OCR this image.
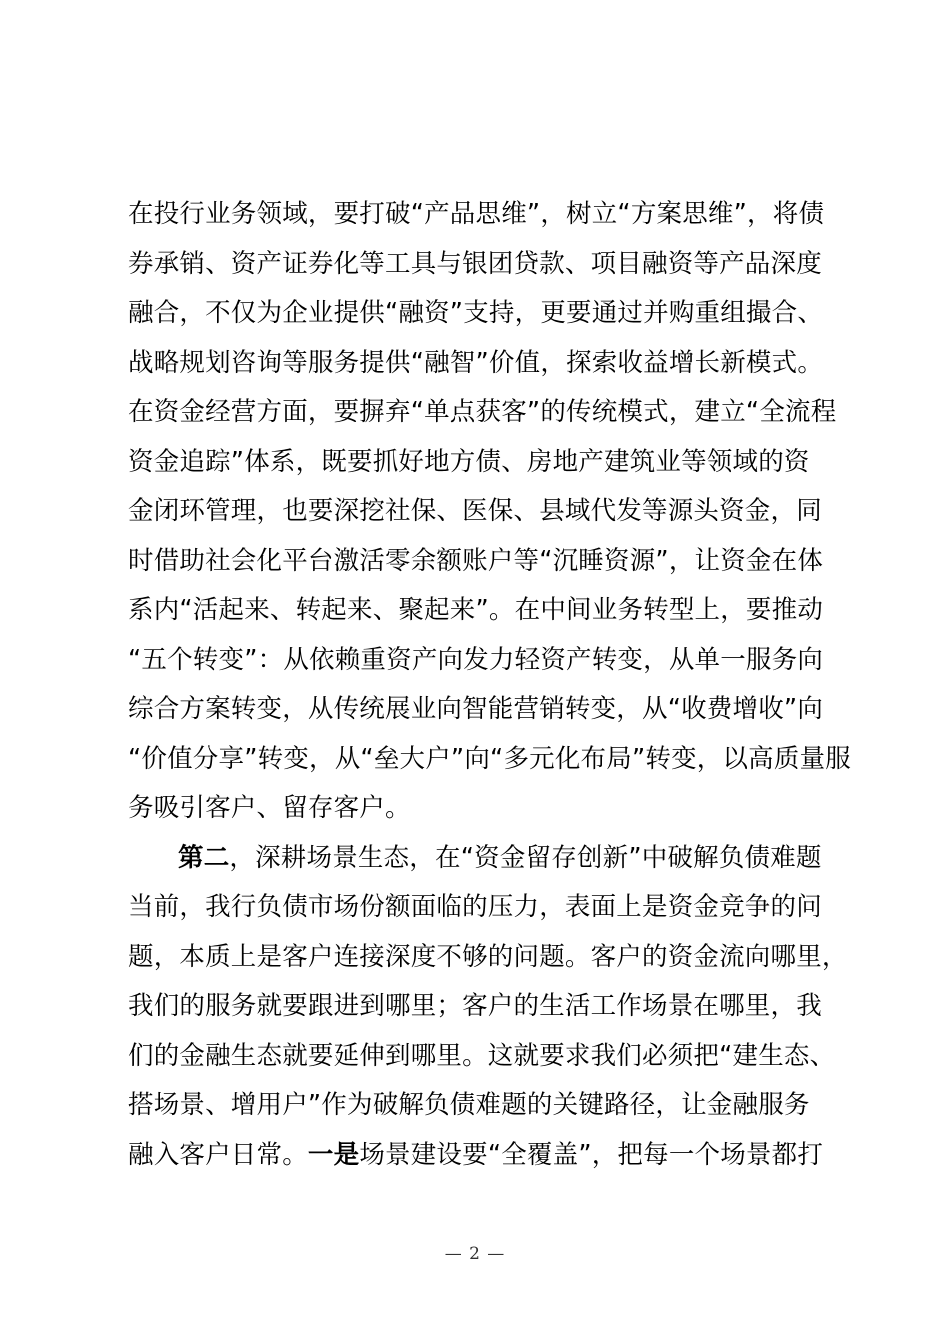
在投行业务领域，要打破“产品思维”，树立“方案思维”，将债
券承销、资产证券化等工具与银团贷款、项目融资等产品深度
融合，不仅为企业提供“融资”支持，更要通过并购重组撮合、
战略规划咨询等服务提供“融智”价值，探索收益增长新模式。
在资金经营方面，要摒弃“单点获客”的传统模式，建立“全流程
资金追踪”体系，既要抓好地方债、房地产建筑业等领域的资
金闭环管理，也要深挖社保、医保、县域代发等源头资金，同
时借助社会化平台激活零余额账户等“沉睡资源”，让资金在体
系内“活起来、转起来、聚起来”。在中间业务转型上，要推动
“五个转变”：从依赖重资产向发力轻资产转变，从单一服务向
综合方案转变，从传统展业向智能营销转变，从“收费增收”向
“价值分享”转变，从“垒大户”向“多元化布局”转变，以高质量服
务吸引客户、留存客户。
第二，深耕场景生态，在“资金留存创新”中破解负债难题
当前，我行负债市场份额面临的压力，表面上是资金竞争的问
题，本质上是客户连接深度不够的问题。客户的资金流向哪里，
我们的服务就要跟进到哪里；客户的生活工作场景在哪里，我
们的金融生态就要延伸到哪里。这就要求我们必须把“建生态、
搭场景、增用户”作为破解负债难题的关键路径，让金融服务
融入客户日常。一是场景建设要“全覆盖”，把每一个场景都打
— 2 —
